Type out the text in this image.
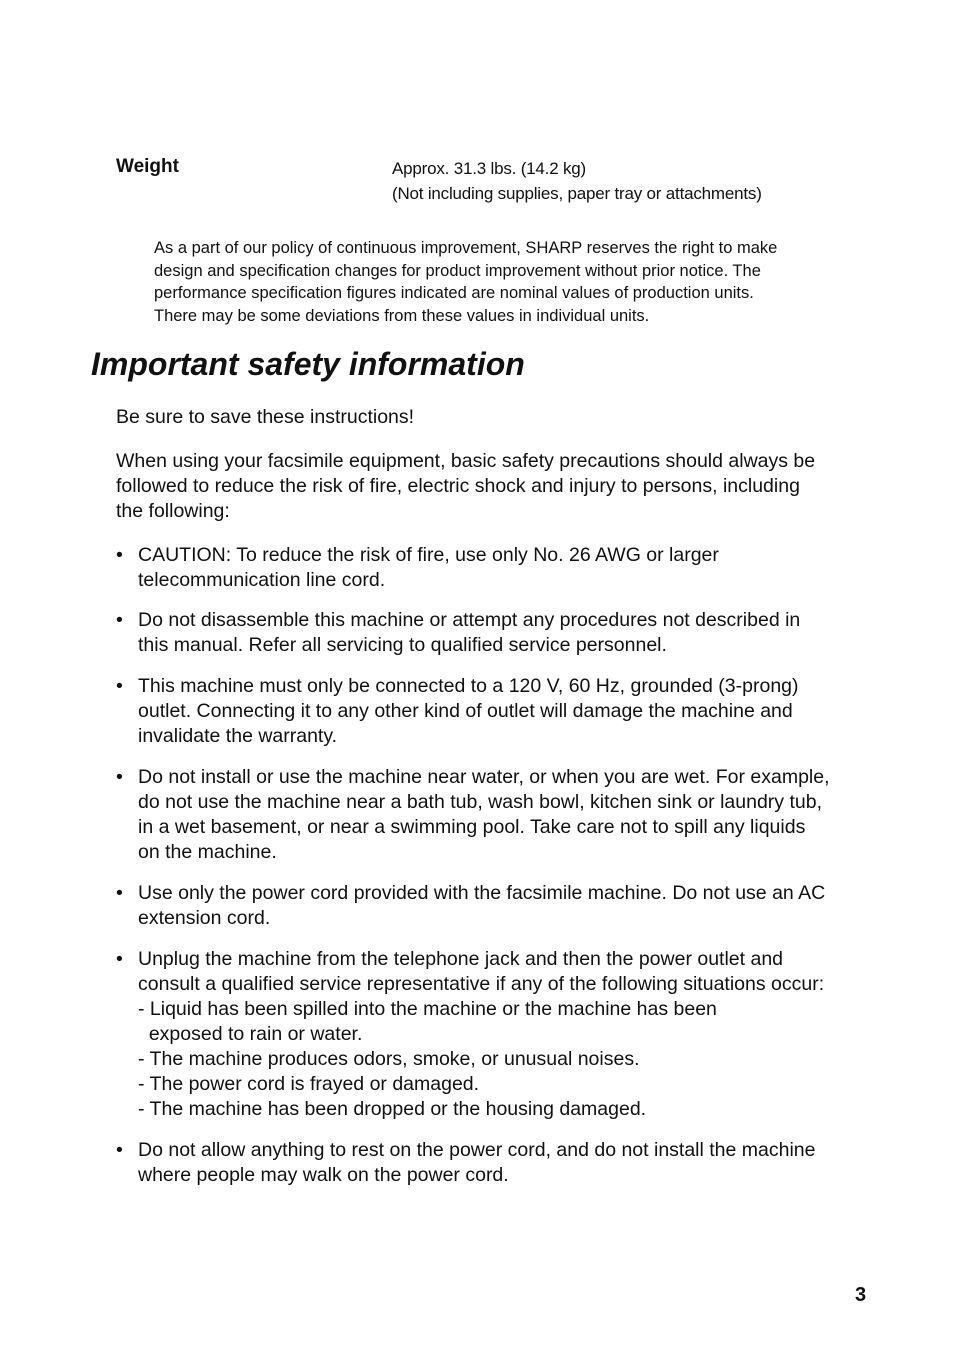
Weight	Approx. 31.3 lbs. (14.2 kg)
(Not including supplies, paper tray or attachments)
As a part of our policy of continuous improvement, SHARP reserves the right to make
design and specification changes for product improvement without prior notice. The
performance specification figures indicated are nominal values of production units.
There may be some deviations from these values in individual units.
Important safety information
Be sure to save these instructions!
When using your facsimile equipment, basic safety precautions should always be
followed to reduce the risk of fire, electric shock and injury to persons, including
the following:
• CAUTION: To reduce the risk of fire, use only No. 26 AWG or larger
telecommunication line cord.
• Do not disassemble this machine or attempt any procedures not described in
this manual. Refer all servicing to qualified service personnel.
• This machine must only be connected to a 120 V, 60 Hz, grounded (3-prong)
outlet. Connecting it to any other kind of outlet will damage the machine and
invalidate the warranty.
• Do not install or use the machine near water, or when you are wet. For example,
do not use the machine near a bath tub, wash bowl, kitchen sink or laundry tub,
in a wet basement, or near a swimming pool. Take care not to spill any liquids
on the machine.
• Use only the power cord provided with the facsimile machine. Do not use an AC
extension cord.
• Unplug the machine from the telephone jack and then the power outlet and
consult a qualified service representative if any of the following situations occur:
- Liquid has been spilled into the machine or the machine has been
exposed to rain or water.
- The machine produces odors, smoke, or unusual noises.
- The power cord is frayed or damaged.
- The machine has been dropped or the housing damaged.
• Do not allow anything to rest on the power cord, and do not install the machine
where people may walk on the power cord.
3
